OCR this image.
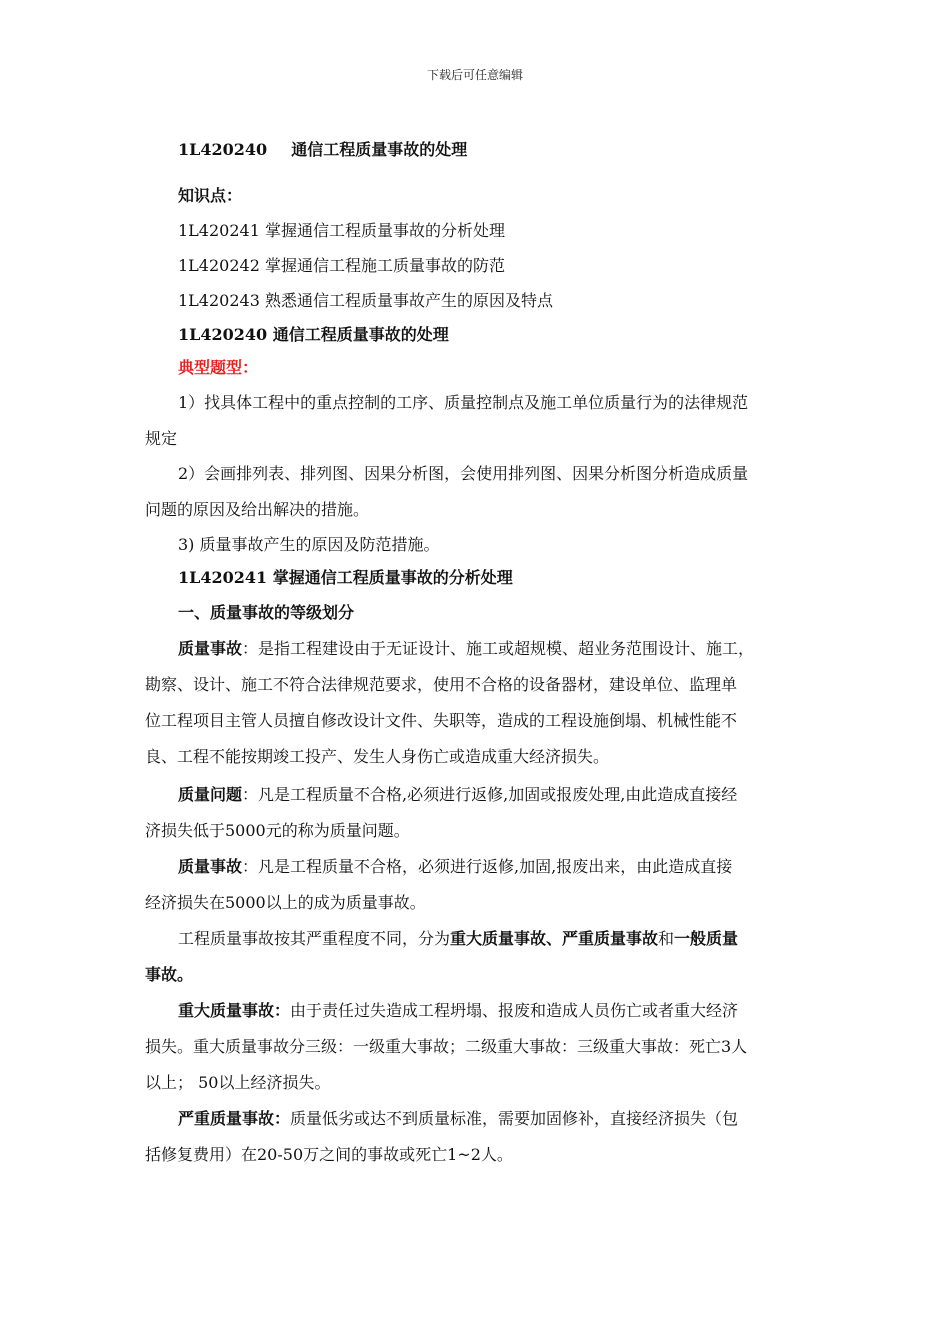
下载后可任意编辑
1L420240 通信工程质量事故的处理
知识点：
1L420241 掌握通信工程质量事故的分析处理
1L420242 掌握通信工程施工质量事故的防范
1L420243 熟悉通信工程质量事故产生的原因及特点
1L420240 通信工程质量事故的处理
典型题型：
1）找具体工程中的重点控制的工序、质量控制点及施工单位质量行为的法律规范
规定
2）会画排列表、排列图、因果分析图，会使用排列图、因果分析图分析造成质量
问题的原因及给出解决的措施。
3) 质量事故产生的原因及防范措施。
1L420241 掌握通信工程质量事故的分析处理
一、质量事故的等级划分
质量事故：是指工程建设由于无证设计、施工或超规模、超业务范围设计、施工，
勘察、设计、施工不符合法律规范要求，使用不合格的设备器材，建设单位、监理单
位工程项目主管人员擅自修改设计文件、失职等，造成的工程设施倒塌、机械性能不
良、工程不能按期竣工投产、发生人身伤亡或造成重大经济损失。
质量问题：凡是工程质量不合格,必须进行返修,加固或报废处理,由此造成直接经
济损失低于5000元的称为质量问题。
质量事故：凡是工程质量不合格，必须进行返修,加固,报废出来，由此造成直接
经济损失在5000以上的成为质量事故。
工程质量事故按其严重程度不同，分为重大质量事故、严重质量事故和一般质量
事故。
重大质量事故：由于责任过失造成工程坍塌、报废和造成人员伤亡或者重大经济
损失。重大质量事故分三级：一级重大事故；二级重大事故：三级重大事故：死亡3人
以上； 50以上经济损失。
严重质量事故：质量低劣或达不到质量标准，需要加固修补，直接经济损失（包
括修复费用）在20-50万之间的事故或死亡1~2人。
